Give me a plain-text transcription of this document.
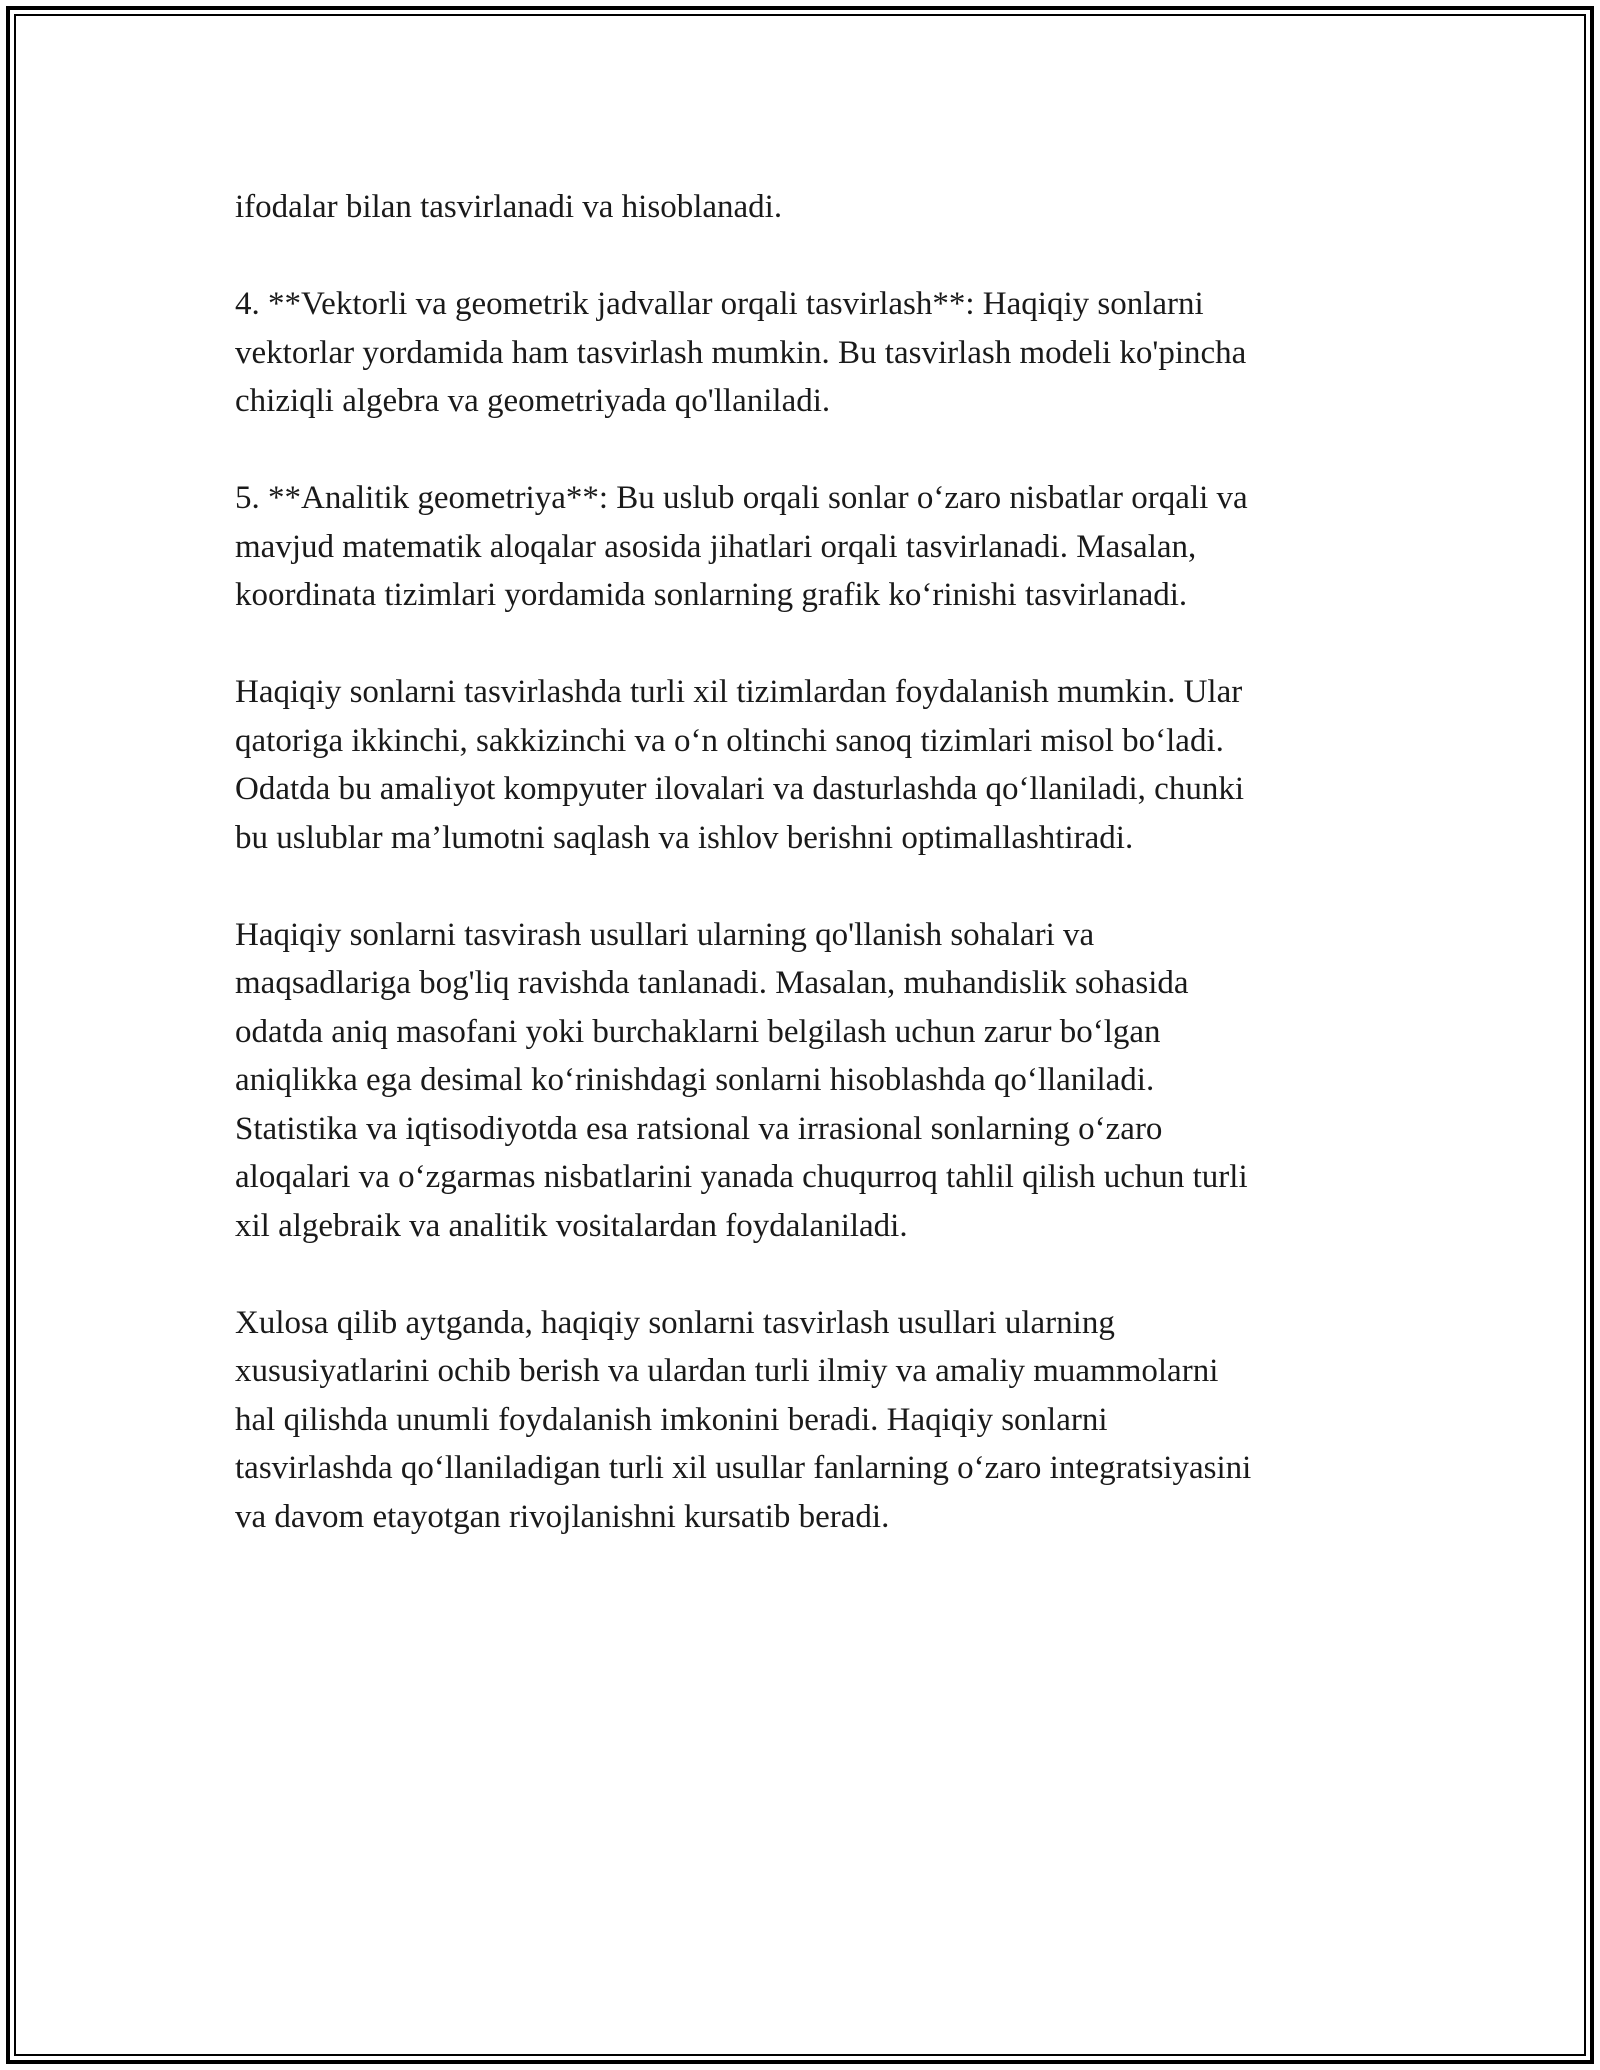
ifodalar bilan tasvirlanadi va hisoblanadi.

4. **Vektorli va geometrik jadvallar orqali tasvirlash**: Haqiqiy sonlarni
vektorlar yordamida ham tasvirlash mumkin. Bu tasvirlash modeli ko'pincha
chiziqli algebra va geometriyada qo'llaniladi.

5. **Analitik geometriya**: Bu uslub orqali sonlar o‘zaro nisbatlar orqali va
mavjud matematik aloqalar asosida jihatlari orqali tasvirlanadi. Masalan,
koordinata tizimlari yordamida sonlarning grafik ko‘rinishi tasvirlanadi.

Haqiqiy sonlarni tasvirlashda turli xil tizimlardan foydalanish mumkin. Ular
qatoriga ikkinchi, sakkizinchi va o‘n oltinchi sanoq tizimlari misol bo‘ladi.
Odatda bu amaliyot kompyuter ilovalari va dasturlashda qo‘llaniladi, chunki
bu uslublar ma’lumotni saqlash va ishlov berishni optimallashtiradi.

Haqiqiy sonlarni tasvirash usullari ularning qo'llanish sohalari va
maqsadlariga bog'liq ravishda tanlanadi. Masalan, muhandislik sohasida
odatda aniq masofani yoki burchaklarni belgilash uchun zarur bo‘lgan
aniqlikka ega desimal ko‘rinishdagi sonlarni hisoblashda qo‘llaniladi.
Statistika va iqtisodiyotda esa ratsional va irrasional sonlarning o‘zaro
aloqalari va o‘zgarmas nisbatlarini yanada chuqurroq tahlil qilish uchun turli
xil algebraik va analitik vositalardan foydalaniladi.

Xulosa qilib aytganda, haqiqiy sonlarni tasvirlash usullari ularning
xususiyatlarini ochib berish va ulardan turli ilmiy va amaliy muammolarni
hal qilishda unumli foydalanish imkonini beradi. Haqiqiy sonlarni
tasvirlashda qo‘llaniladigan turli xil usullar fanlarning o‘zaro integratsiyasini
va davom etayotgan rivojlanishni kursatib beradi.
